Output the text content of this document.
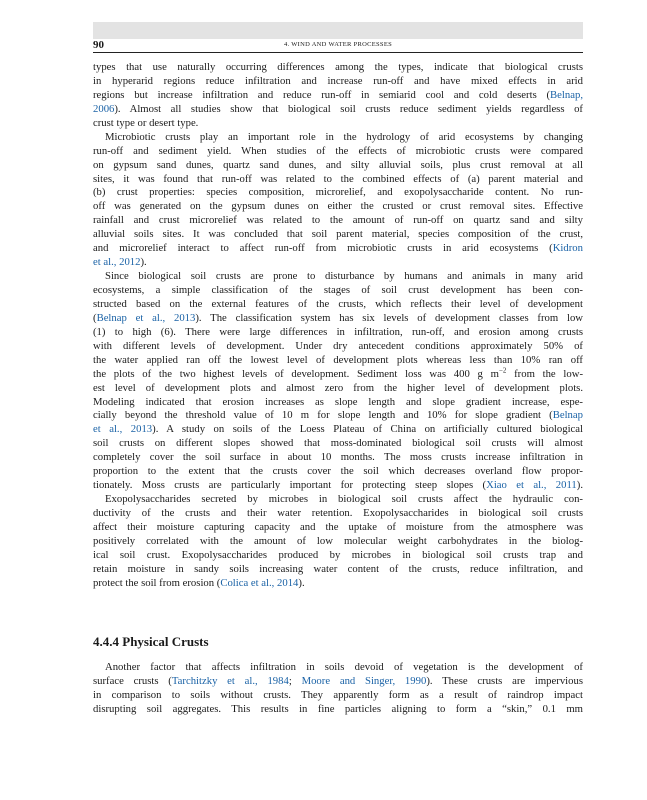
90	4. WIND AND WATER PROCESSES
types that use naturally occurring differences among the types, indicate that biological crusts
in hyperarid regions reduce infiltration and increase run-off and have mixed effects in arid
regions but increase infiltration and reduce run-off in semiarid cool and cold deserts (Belnap,
2006). Almost all studies show that biological soil crusts reduce sediment yields regardless of
crust type or desert type.
Microbiotic crusts play an important role in the hydrology of arid ecosystems by changing
run-off and sediment yield. When studies of the effects of microbiotic crusts were compared
on gypsum sand dunes, quartz sand dunes, and silty alluvial soils, plus crust removal at all
sites, it was found that run-off was related to the combined effects of (a) parent material and
(b) crust properties: species composition, microrelief, and exopolysaccharide content. No run-
off was generated on the gypsum dunes on either the crusted or crust removal sites. Effective
rainfall and crust microrelief was related to the amount of run-off on quartz sand and silty
alluvial soils sites. It was concluded that soil parent material, species composition of the crust,
and microrelief interact to affect run-off from microbiotic crusts in arid ecosystems (Kidron
et al., 2012).
Since biological soil crusts are prone to disturbance by humans and animals in many arid
ecosystems, a simple classification of the stages of soil crust development has been con-
structed based on the external features of the crusts, which reflects their level of development
(Belnap et al., 2013). The classification system has six levels of development classes from low
(1) to high (6). There were large differences in infiltration, run-off, and erosion among crusts
with different levels of development. Under dry antecedent conditions approximately 50% of
the water applied ran off the lowest level of development plots whereas less than 10% ran off
the plots of the two highest levels of development. Sediment loss was 400 g $m^{-2}$ from the low-
est level of development plots and almost zero from the higher level of development plots.
Modeling indicated that erosion increases as slope length and slope gradient increase, espe-
cially beyond the threshold value of 10 m for slope length and 10% for slope gradient (Belnap
et al., 2013). A study on soils of the Loess Plateau of China on artificially cultured biological
soil crusts on different slopes showed that moss-dominated biological soil crusts will almost
completely cover the soil surface in about 10 months. The moss crusts increase infiltration in
proportion to the extent that the crusts cover the soil which decreases overland flow propor-
tionately. Moss crusts are particularly important for protecting steep slopes (Xiao et al., 2011).
Exopolysaccharides secreted by microbes in biological soil crusts affect the hydraulic con-
ductivity of the crusts and their water retention. Exopolysaccharides in biological soil crusts
affect their moisture capturing capacity and the uptake of moisture from the atmosphere was
positively correlated with the amount of low molecular weight carbohydrates in the biolog-
ical soil crust. Exopolysaccharides produced by microbes in biological soil crusts trap and
retain moisture in sandy soils increasing water content of the crusts, reduce infiltration, and
protect the soil from erosion (Colica et al., 2014).
4.4.4 Physical Crusts
Another factor that affects infiltration in soils devoid of vegetation is the development of
surface crusts (Tarchitzky et al., 1984; Moore and Singer, 1990). These crusts are impervious
in comparison to soils without crusts. They apparently form as a result of raindrop impact
disrupting soil aggregates. This results in fine particles aligning to form a “skin,” 0.1 mm
